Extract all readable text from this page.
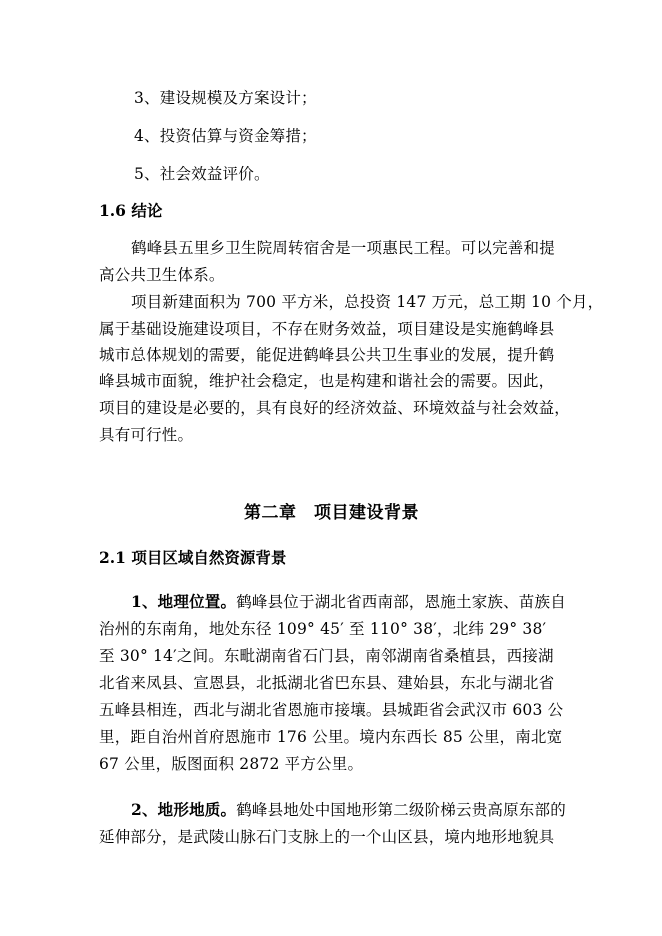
3、建设规模及方案设计；
4、投资估算与资金筹措；
5、社会效益评价。
1.6 结论
鹤峰县五里乡卫生院周转宿舍是一项惠民工程。可以完善和提
高公共卫生体系。
项目新建面积为 700 平方米，总投资 147 万元，总工期 10 个月，
属于基础设施建设项目，不存在财务效益，项目建设是实施鹤峰县
城市总体规划的需要，能促进鹤峰县公共卫生事业的发展，提升鹤
峰县城市面貌，维护社会稳定，也是构建和谐社会的需要。因此，
项目的建设是必要的，具有良好的经济效益、环境效益与社会效益，
具有可行性。
第二章　项目建设背景
2.1 项目区域自然资源背景
1、地理位置。鹤峰县位于湖北省西南部，恩施土家族、苗族自
治州的东南角，地处东径 109° 45′ 至 110° 38′，北纬 29° 38′
至 30° 14′之间。东毗湖南省石门县，南邻湖南省桑植县，西接湖
北省来凤县、宣恩县，北抵湖北省巴东县、建始县，东北与湖北省
五峰县相连，西北与湖北省恩施市接壤。县城距省会武汉市 603 公
里，距自治州首府恩施市 176 公里。境内东西长 85 公里，南北宽
67 公里，版图面积 2872 平方公里。
2、地形地质。鹤峰县地处中国地形第二级阶梯云贵高原东部的
延伸部分，是武陵山脉石门支脉上的一个山区县，境内地形地貌具
